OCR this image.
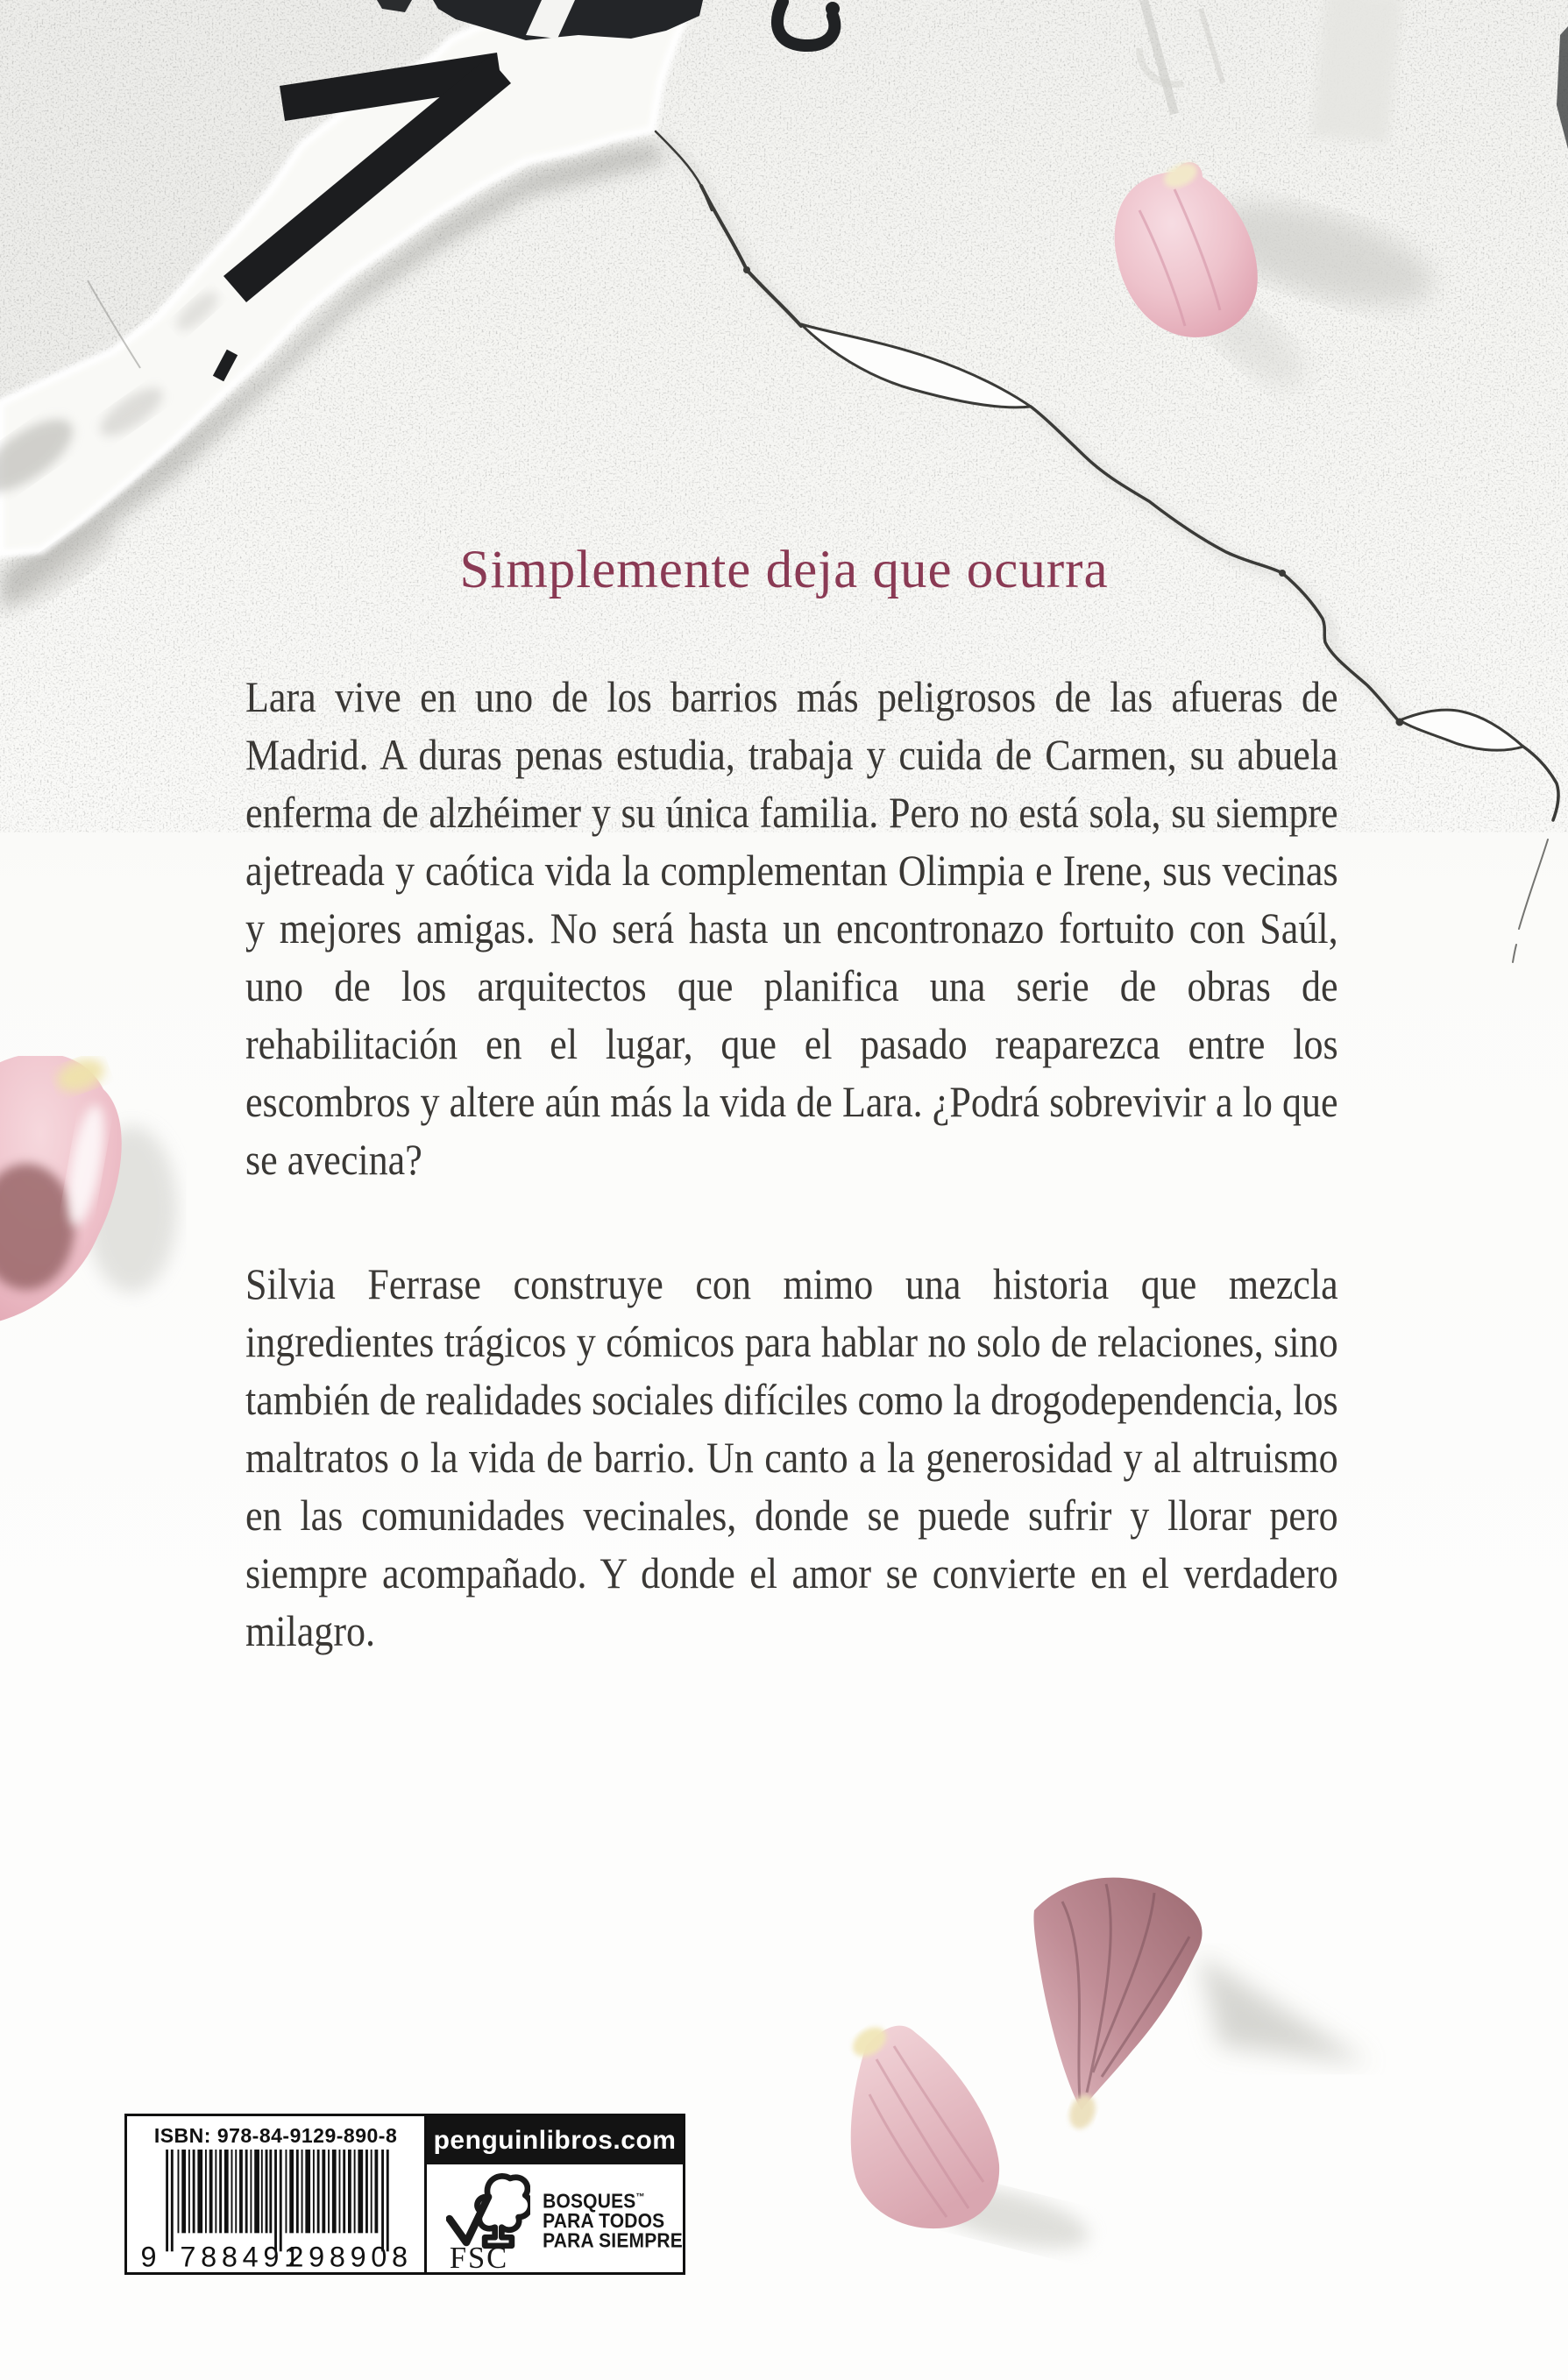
Simplemente deja que ocurra

Lara vive en uno de los barrios más peligrosos de las afueras de Madrid. A duras penas estudia, trabaja y cuida de Carmen, su abuela enferma de alzhéimer y su única familia. Pero no está sola, su siempre ajetreada y caótica vida la complementan Olimpia e Irene, sus vecinas y mejores amigas. No será hasta un encontronazo fortuito con Saúl, uno de los arquitectos que planifica una serie de obras de rehabilitación en el lugar, que el pasado reaparezca entre los escombros y altere aún más la vida de Lara. ¿Podrá sobrevivir a lo que se avecina?

Silvia Ferrase construye con mimo una historia que mezcla ingredientes trágicos y cómicos para hablar no solo de relaciones, sino también de realidades sociales difíciles como la drogodependencia, los maltratos o la vida de barrio. Un canto a la generosidad y al altruismo en las comunidades vecinales, donde se puede sufrir y llorar pero siempre acompañado. Y donde el amor se convierte en el verdadero milagro.

ISBN: 978-84-9129-890-8
9 788491
298908
penguinlibros.com
FSC
BOSQUES™
PARA TODOS
PARA SIEMPRE
